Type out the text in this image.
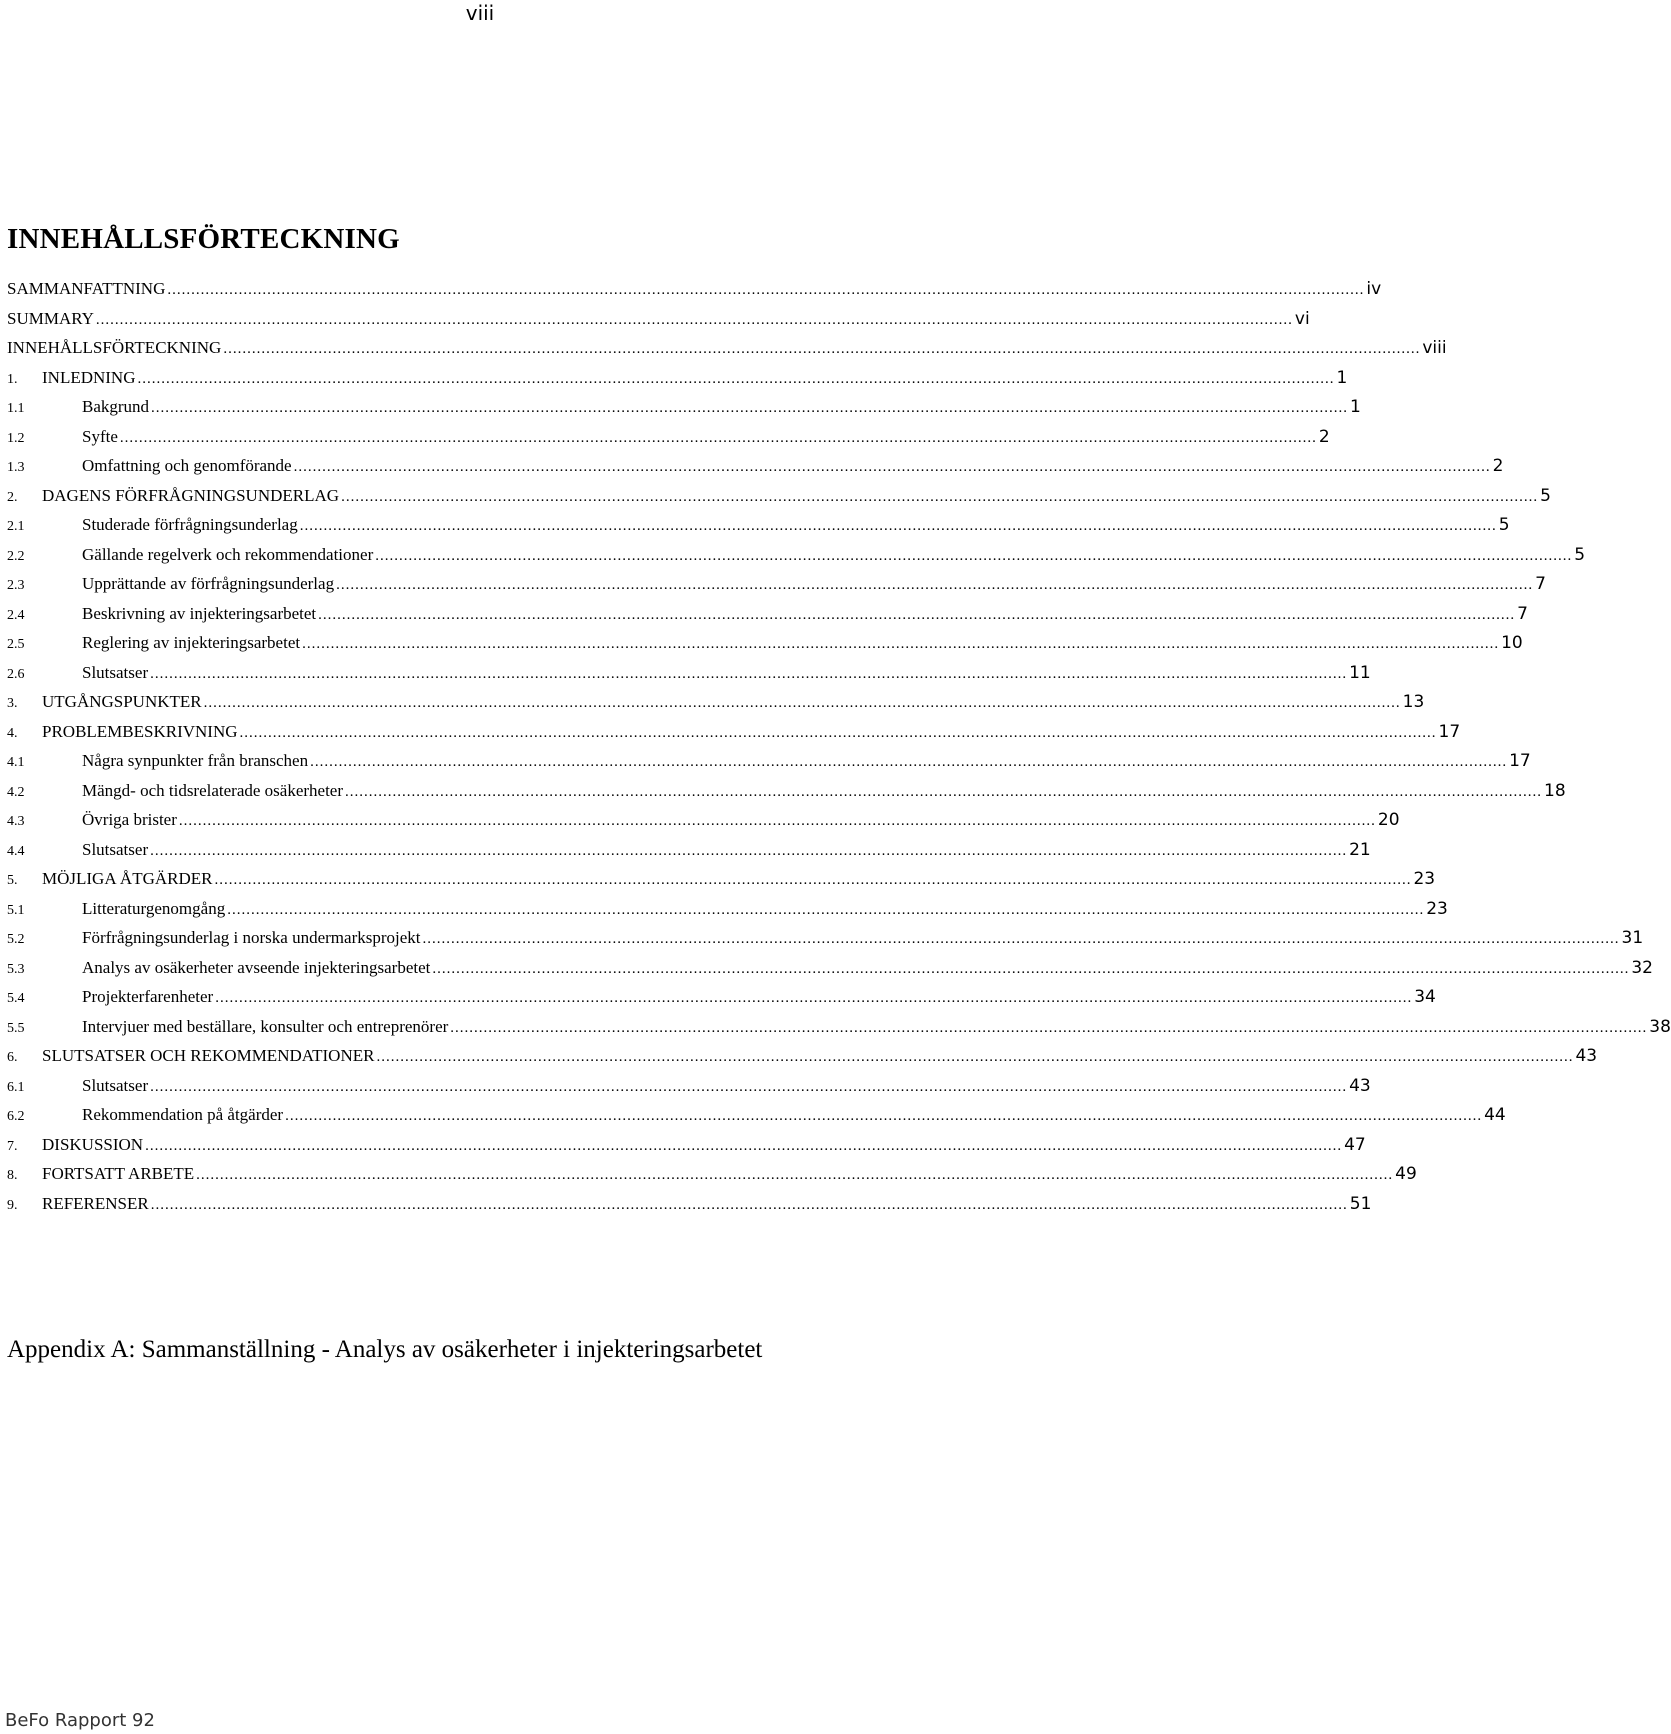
viii
INNEHÅLLSFÖRTECKNING
SAMMANFATTNING .....	iv
SUMMARY .....	vi
INNEHÅLLSFÖRTECKNING .....	viii
1.	INLEDNING .....	1
1.1	Bakgrund .....	1
1.2	Syfte .....	2
1.3	Omfattning och genomförande .....	2
2.	DAGENS FÖRFRÅGNINGSUNDERLAG .....	5
2.1	Studerade förfrågningsunderlag .....	5
2.2	Gällande regelverk och rekommendationer .....	5
2.3	Upprättande av förfrågningsunderlag .....	7
2.4	Beskrivning av injekteringsarbetet .....	7
2.5	Reglering av injekteringsarbetet .....	10
2.6	Slutsatser .....	11
3.	UTGÅNGSPUNKTER .....	13
4.	PROBLEMBESKRIVNING .....	17
4.1	Några synpunkter från branschen .....	17
4.2	Mängd- och tidsrelaterade osäkerheter .....	18
4.3	Övriga brister .....	20
4.4	Slutsatser .....	21
5.	MÖJLIGA ÅTGÄRDER .....	23
5.1	Litteraturgenomgång .....	23
5.2	Förfrågningsunderlag i norska undermarksprojekt .....	31
5.3	Analys av osäkerheter avseende injekteringsarbetet .....	32
5.4	Projekterfarenheter .....	34
5.5	Intervjuer med beställare, konsulter och entreprenörer .....	38
6.	SLUTSATSER OCH REKOMMENDATIONER .....	43
6.1	Slutsatser .....	43
6.2	Rekommendation på åtgärder .....	44
7.	DISKUSSION .....	47
8.	FORTSATT ARBETE .....	49
9.	REFERENSER .....	51
Appendix A: Sammanställning - Analys av osäkerheter i injekteringsarbetet
BeFo Rapport 92
